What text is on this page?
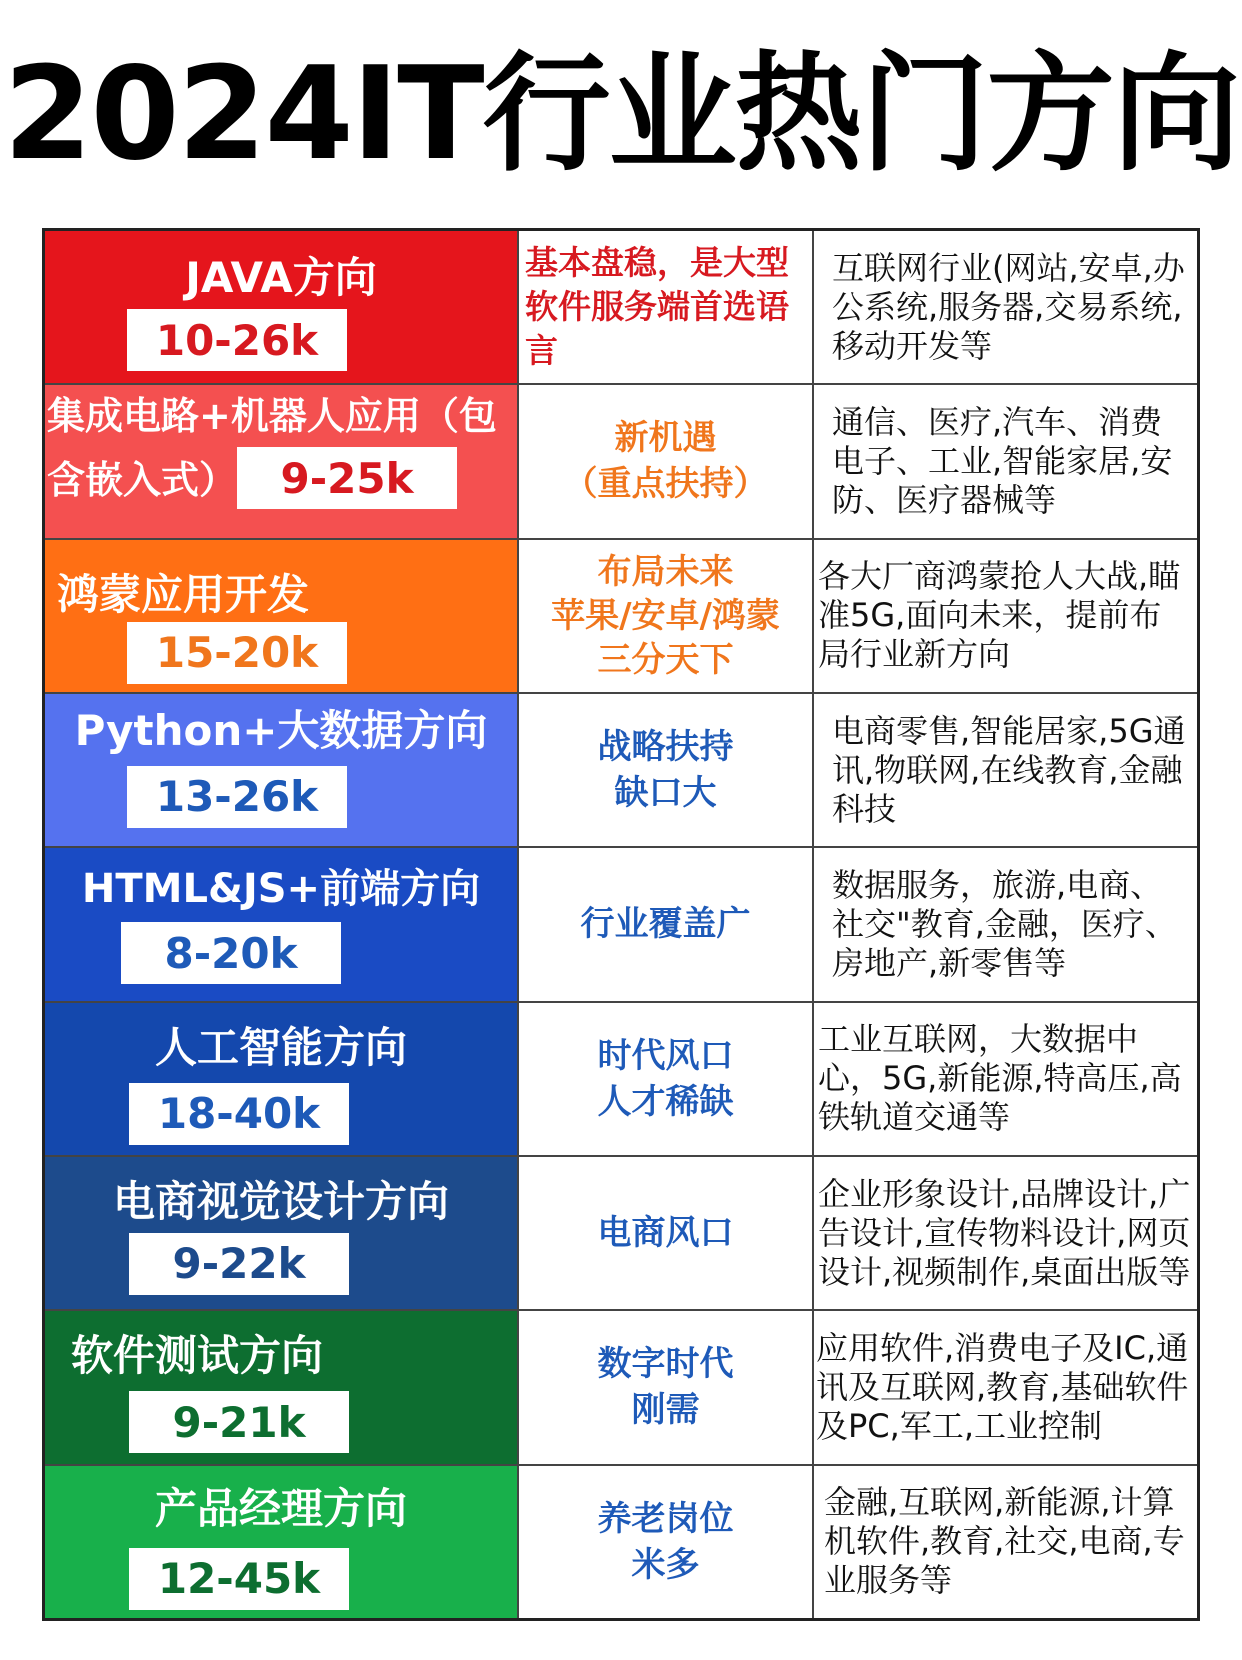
2024IT行业热门方向
JAVA方向
10-26k
基本盘稳，是大型软件服务端首选语言
互联网行业(网站,安卓,办公系统,服务器,交易系统,移动开发等
集成电路+机器人应用（包
含嵌入式）	9-25k
新机遇
（重点扶持）
通信、医疗,汽车、消费电子、工业,智能家居,安防、医疗器械等
鸿蒙应用开发
15-20k
布局未来
苹果/安卓/鸿蒙
三分天下
各大厂商鸿蒙抢人大战,瞄准5G,面向未来，提前布局行业新方向
Python+大数据方向
13-26k
战略扶持
缺口大
电商零售,智能居家,5G通讯,物联网,在线教育,金融科技
HTML&JS+前端方向
8-20k
行业覆盖广
数据服务，旅游,电商、社交"教育,金融，医疗、房地产,新零售等
人工智能方向
18-40k
时代风口
人才稀缺
工业互联网，大数据中心，5G,新能源,特高压,高铁轨道交通等
电商视觉设计方向
9-22k
电商风口
企业形象设计,品牌设计,广告设计,宣传物料设计,网页设计,视频制作,桌面出版等
软件测试方向
9-21k
数字时代
刚需
应用软件,消费电子及IC,通讯及互联网,教育,基础软件及PC,军工,工业控制
产品经理方向
12-45k
养老岗位
米多
金融,互联网,新能源,计算机软件,教育,社交,电商,专业服务等
